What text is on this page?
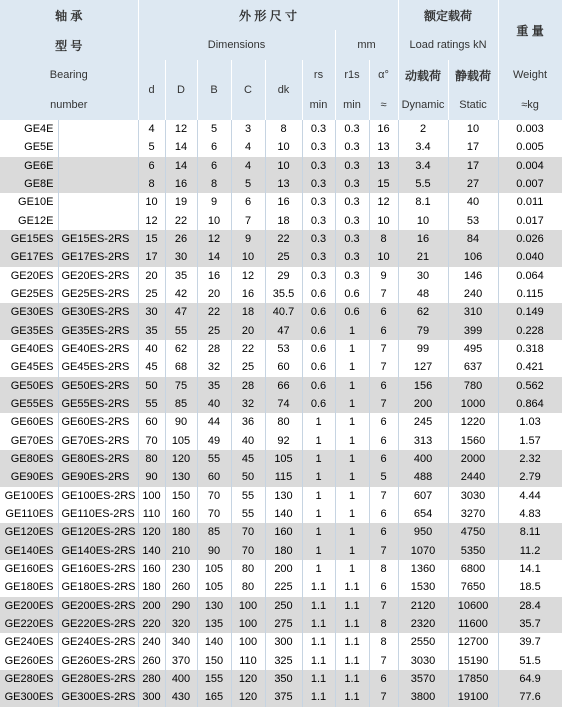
轴 承		外 形 尺 寸								额定载荷		重 量
型 号		Dimensions						mm		Load ratings kN		
Bearing		d	D	B	C	dk	rs	r1s	α°	动载荷	静载荷	Weight
number							min	min	≈	Dynamic	Static	≈kg
GE4E		4	12	5	3	8	0.3	0.3	16	2	10	0.003
GE5E		5	14	6	4	10	0.3	0.3	13	3.4	17	0.005
GE6E		6	14	6	4	10	0.3	0.3	13	3.4	17	0.004
GE8E		8	16	8	5	13	0.3	0.3	15	5.5	27	0.007
GE10E		10	19	9	6	16	0.3	0.3	12	8.1	40	0.011
GE12E		12	22	10	7	18	0.3	0.3	10	10	53	0.017
GE15ES	GE15ES-2RS	15	26	12	9	22	0.3	0.3	8	16	84	0.026
GE17ES	GE17ES-2RS	17	30	14	10	25	0.3	0.3	10	21	106	0.040
GE20ES	GE20ES-2RS	20	35	16	12	29	0.3	0.3	9	30	146	0.064
GE25ES	GE25ES-2RS	25	42	20	16	35.5	0.6	0.6	7	48	240	0.115
GE30ES	GE30ES-2RS	30	47	22	18	40.7	0.6	0.6	6	62	310	0.149
GE35ES	GE35ES-2RS	35	55	25	20	47	0.6	1	6	79	399	0.228
GE40ES	GE40ES-2RS	40	62	28	22	53	0.6	1	7	99	495	0.318
GE45ES	GE45ES-2RS	45	68	32	25	60	0.6	1	7	127	637	0.421
GE50ES	GE50ES-2RS	50	75	35	28	66	0.6	1	6	156	780	0.562
GE55ES	GE55ES-2RS	55	85	40	32	74	0.6	1	7	200	1000	0.864
GE60ES	GE60ES-2RS	60	90	44	36	80	1	1	6	245	1220	1.03
GE70ES	GE70ES-2RS	70	105	49	40	92	1	1	6	313	1560	1.57
GE80ES	GE80ES-2RS	80	120	55	45	105	1	1	6	400	2000	2.32
GE90ES	GE90ES-2RS	90	130	60	50	115	1	1	5	488	2440	2.79
GE100ES	GE100ES-2RS	100	150	70	55	130	1	1	7	607	3030	4.44
GE110ES	GE110ES-2RS	110	160	70	55	140	1	1	6	654	3270	4.83
GE120ES	GE120ES-2RS	120	180	85	70	160	1	1	6	950	4750	8.11
GE140ES	GE140ES-2RS	140	210	90	70	180	1	1	7	1070	5350	11.2
GE160ES	GE160ES-2RS	160	230	105	80	200	1	1	8	1360	6800	14.1
GE180ES	GE180ES-2RS	180	260	105	80	225	1.1	1.1	6	1530	7650	18.5
GE200ES	GE200ES-2RS	200	290	130	100	250	1.1	1.1	7	2120	10600	28.4
GE220ES	GE220ES-2RS	220	320	135	100	275	1.1	1.1	8	2320	11600	35.7
GE240ES	GE240ES-2RS	240	340	140	100	300	1.1	1.1	8	2550	12700	39.7
GE260ES	GE260ES-2RS	260	370	150	110	325	1.1	1.1	7	3030	15190	51.5
GE280ES	GE280ES-2RS	280	400	155	120	350	1.1	1.1	6	3570	17850	64.9
GE300ES	GE300ES-2RS	300	430	165	120	375	1.1	1.1	7	3800	19100	77.6
